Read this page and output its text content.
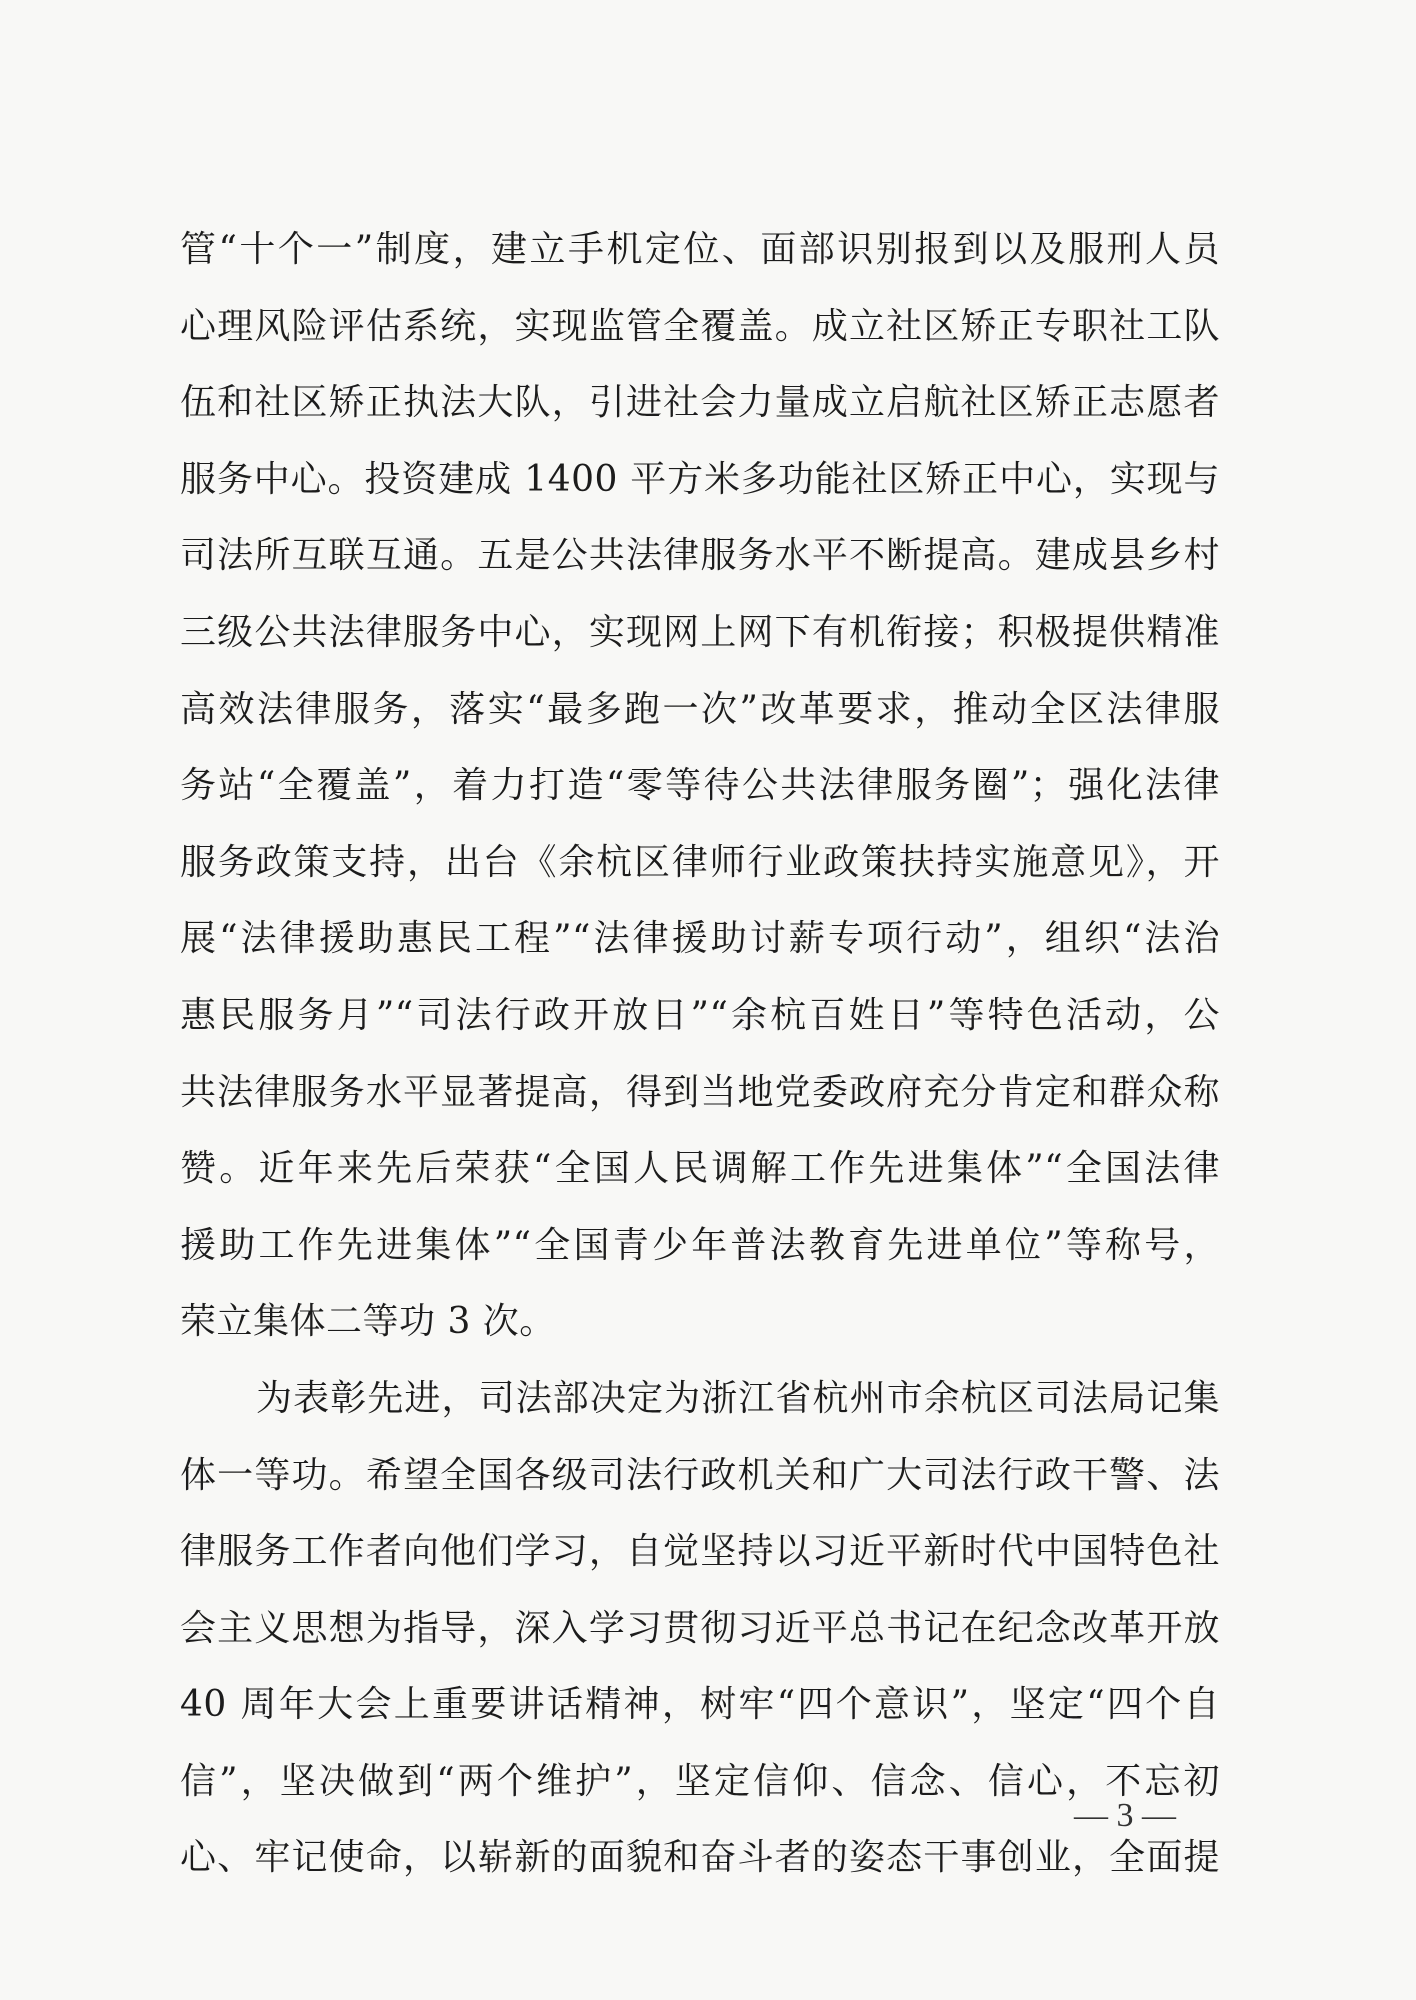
管“十个一”制度，建立手机定位、面部识别报到以及服刑人员
心理风险评估系统，实现监管全覆盖。成立社区矫正专职社工队
伍和社区矫正执法大队，引进社会力量成立启航社区矫正志愿者
服务中心。投资建成 1400 平方米多功能社区矫正中心，实现与
司法所互联互通。五是公共法律服务水平不断提高。建成县乡村
三级公共法律服务中心，实现网上网下有机衔接；积极提供精准
高效法律服务，落实“最多跑一次”改革要求，推动全区法律服
务站“全覆盖”，着力打造“零等待公共法律服务圈”；强化法律
服务政策支持，出台《余杭区律师行业政策扶持实施意见》，开
展“法律援助惠民工程”“法律援助讨薪专项行动”，组织“法治
惠民服务月”“司法行政开放日”“余杭百姓日”等特色活动，公
共法律服务水平显著提高，得到当地党委政府充分肯定和群众称
赞。近年来先后荣获“全国人民调解工作先进集体”“全国法律
援助工作先进集体”“全国青少年普法教育先进单位”等称号，
荣立集体二等功 3 次。
为表彰先进，司法部决定为浙江省杭州市余杭区司法局记集
体一等功。希望全国各级司法行政机关和广大司法行政干警、法
律服务工作者向他们学习，自觉坚持以习近平新时代中国特色社
会主义思想为指导，深入学习贯彻习近平总书记在纪念改革开放
40 周年大会上重要讲话精神，树牢“四个意识”，坚定“四个自
信”，坚决做到“两个维护”，坚定信仰、信念、信心，不忘初
心、牢记使命，以崭新的面貌和奋斗者的姿态干事创业，全面提
— 3 —
